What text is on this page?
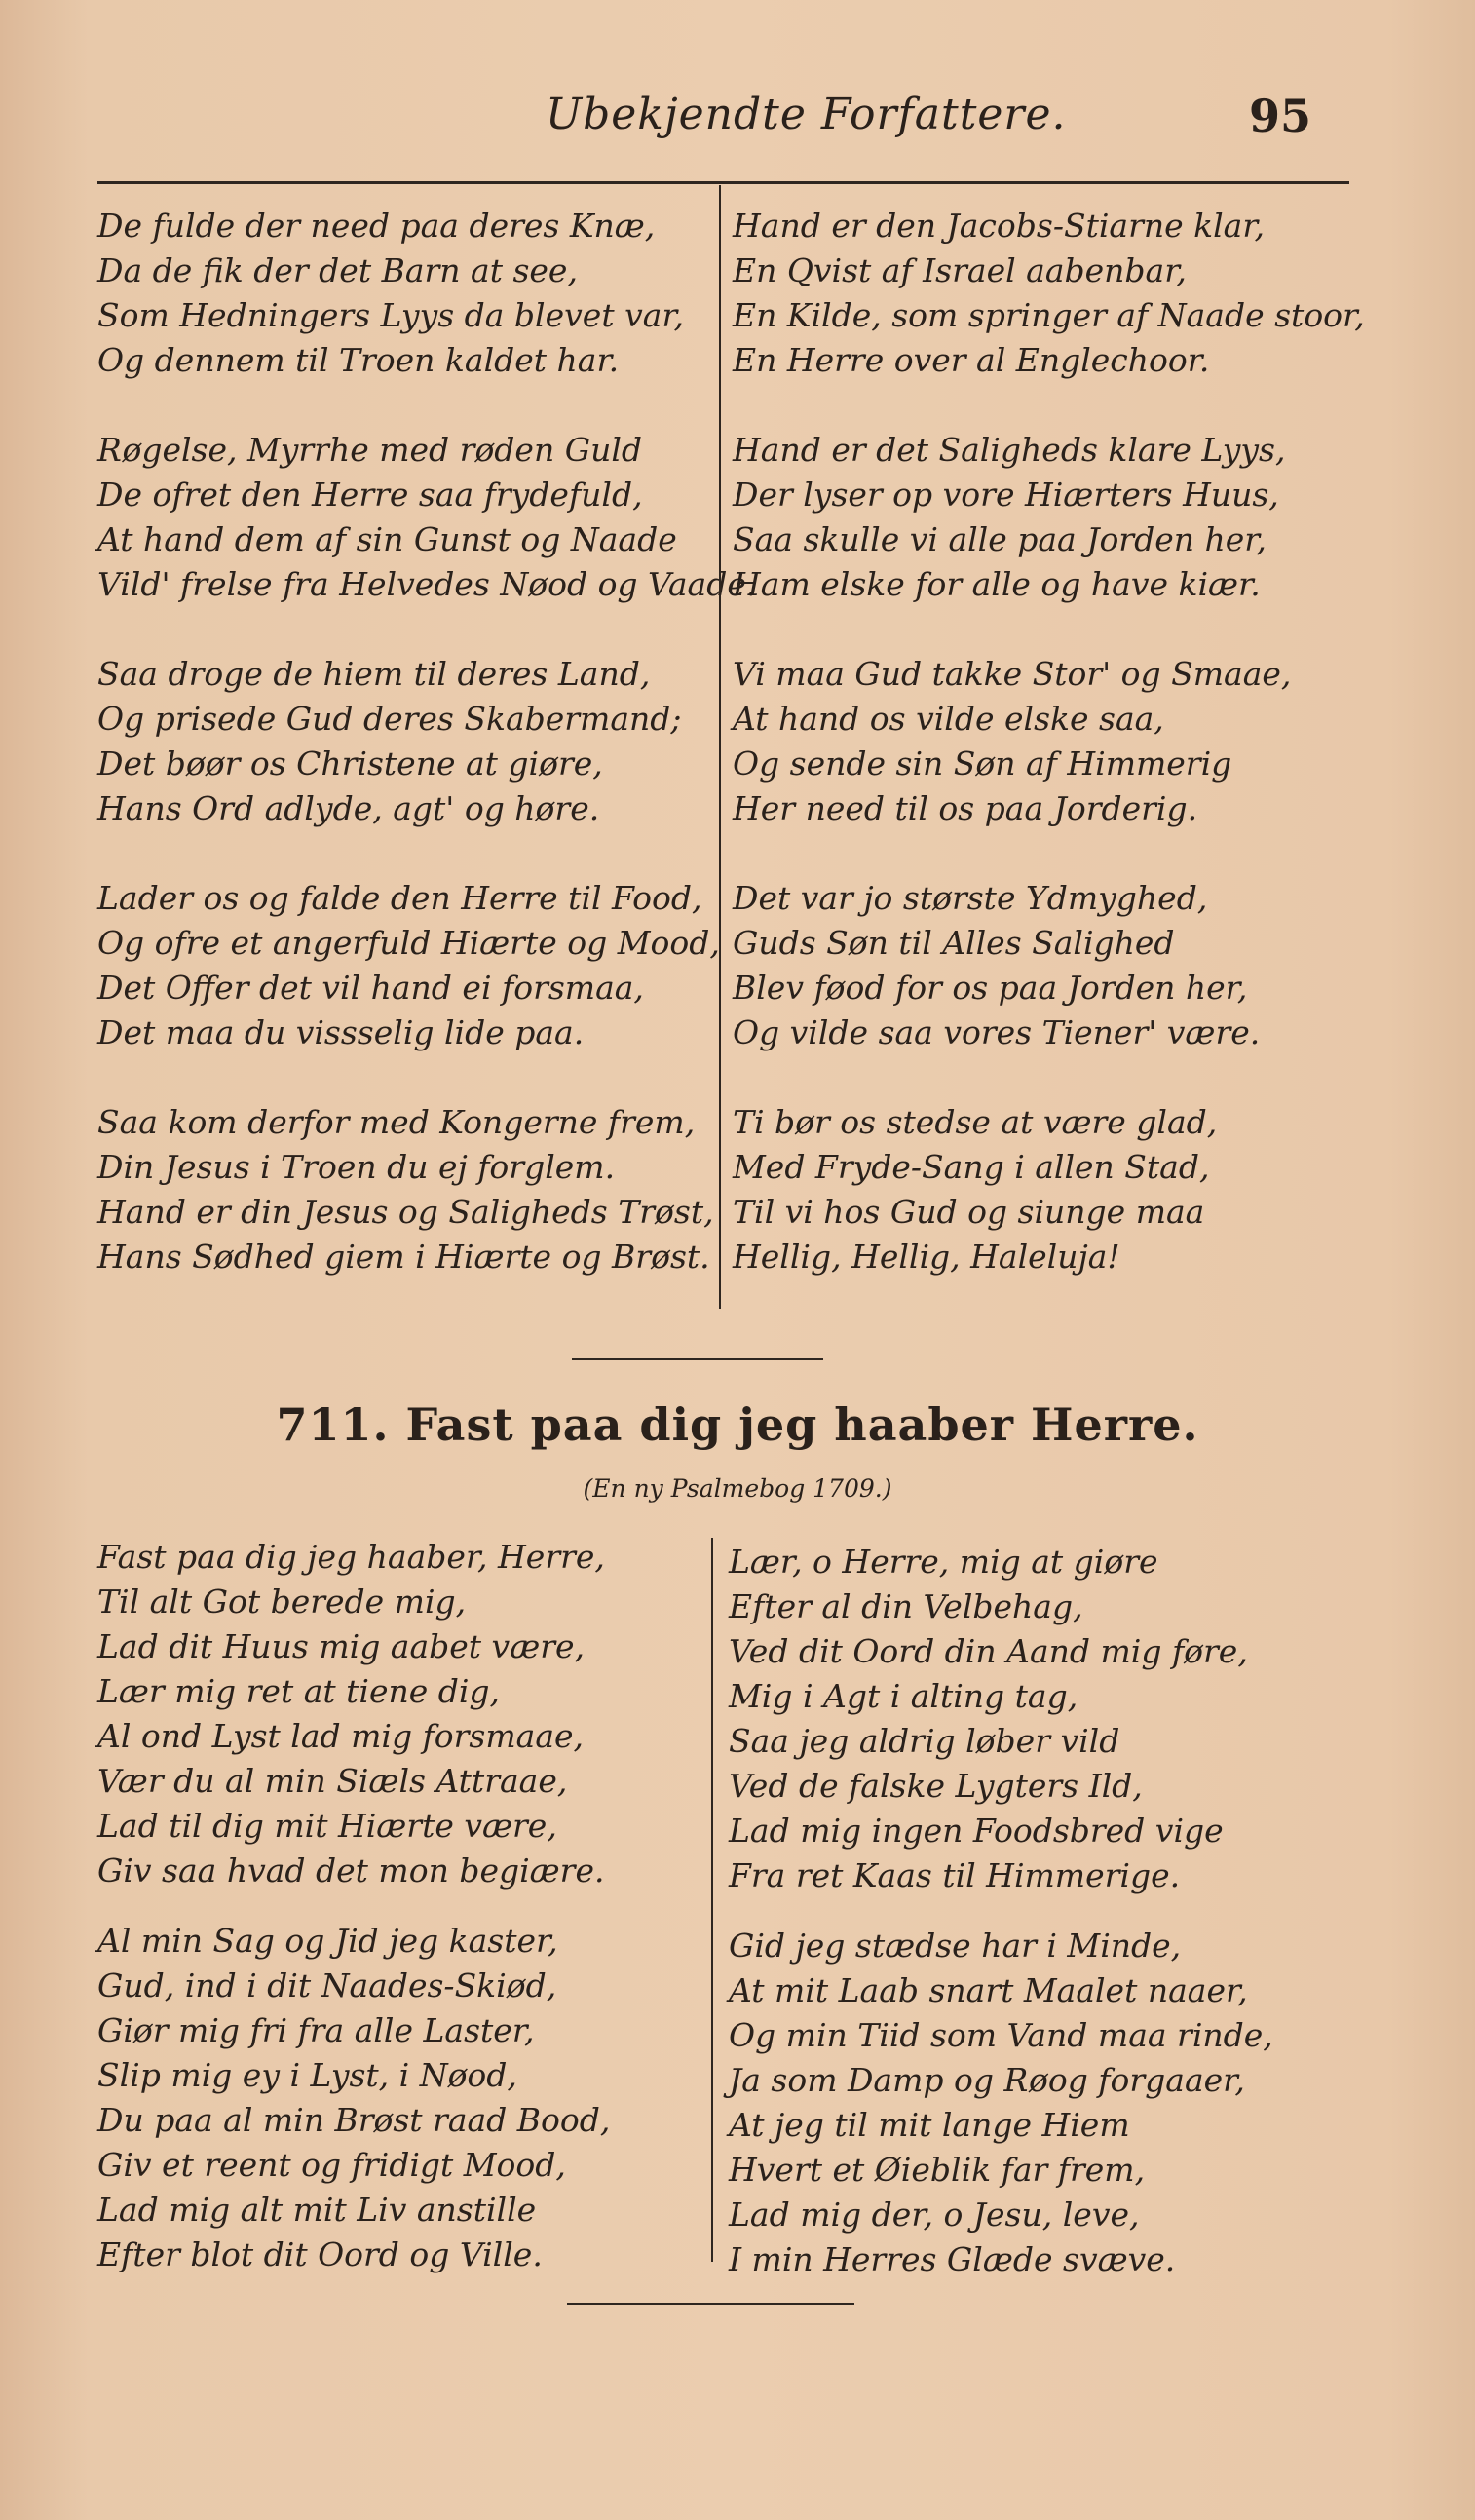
Ubekjendte Forfattere.	95
De fulde der need paa deres Knæ,
Da de fik der det Barn at see,
Som Hedningers Lyys da blevet var,
Og dennem til Troen kaldet har.
Røgelse, Myrrhe med røden Guld
De ofret den Herre saa frydefuld,
At hand dem af sin Gunst og Naade
Vild' frelse fra Helvedes Nøod og Vaade.
Saa droge de hiem til deres Land,
Og prisede Gud deres Skabermand;
Det bøør os Christene at giøre,
Hans Ord adlyde, agt' og høre.
Lader os og falde den Herre til Food,
Og ofre et angerfuld Hiærte og Mood,
Det Offer det vil hand ei forsmaa,
Det maa du vissselig lide paa.
Saa kom derfor med Kongerne frem,
Din Jesus i Troen du ej forglem.
Hand er din Jesus og Saligheds Trøst,
Hans Sødhed giem i Hiærte og Brøst.
Hand er den Jacobs-Stiarne klar,
En Qvist af Israel aabenbar,
En Kilde, som springer af Naade stoor,
En Herre over al Englechoor.
Hand er det Saligheds klare Lyys,
Der lyser op vore Hiærters Huus,
Saa skulle vi alle paa Jorden her,
Ham elske for alle og have kiær.
Vi maa Gud takke Stor' og Smaae,
At hand os vilde elske saa,
Og sende sin Søn af Himmerig
Her need til os paa Jorderig.
Det var jo største Ydmyghed,
Guds Søn til Alles Salighed
Blev føod for os paa Jorden her,
Og vilde saa vores Tiener' være.
Ti bør os stedse at være glad,
Med Fryde-Sang i allen Stad,
Til vi hos Gud og siunge maa
Hellig, Hellig, Haleluja!
711. Fast paa dig jeg haaber Herre.
(En ny Psalmebog 1709.)
Fast paa dig jeg haaber, Herre,
Til alt Got berede mig,
Lad dit Huus mig aabet være,
Lær mig ret at tiene dig,
Al ond Lyst lad mig forsmaae,
Vær du al min Siæls Attraae,
Lad til dig mit Hiærte være,
Giv saa hvad det mon begiære.
Al min Sag og Jid jeg kaster,
Gud, ind i dit Naades-Skiød,
Giør mig fri fra alle Laster,
Slip mig ey i Lyst, i Nøod,
Du paa al min Brøst raad Bood,
Giv et reent og fridigt Mood,
Lad mig alt mit Liv anstille
Efter blot dit Oord og Ville.
Lær, o Herre, mig at giøre
Efter al din Velbehag,
Ved dit Oord din Aand mig føre,
Mig i Agt i alting tag,
Saa jeg aldrig løber vild
Ved de falske Lygters Ild,
Lad mig ingen Foodsbred vige
Fra ret Kaas til Himmerige.
Gid jeg stædse har i Minde,
At mit Laab snart Maalet naaer,
Og min Tiid som Vand maa rinde,
Ja som Damp og Røog forgaaer,
At jeg til mit lange Hiem
Hvert et Øieblik far frem,
Lad mig der, o Jesu, leve,
I min Herres Glæde svæve.
